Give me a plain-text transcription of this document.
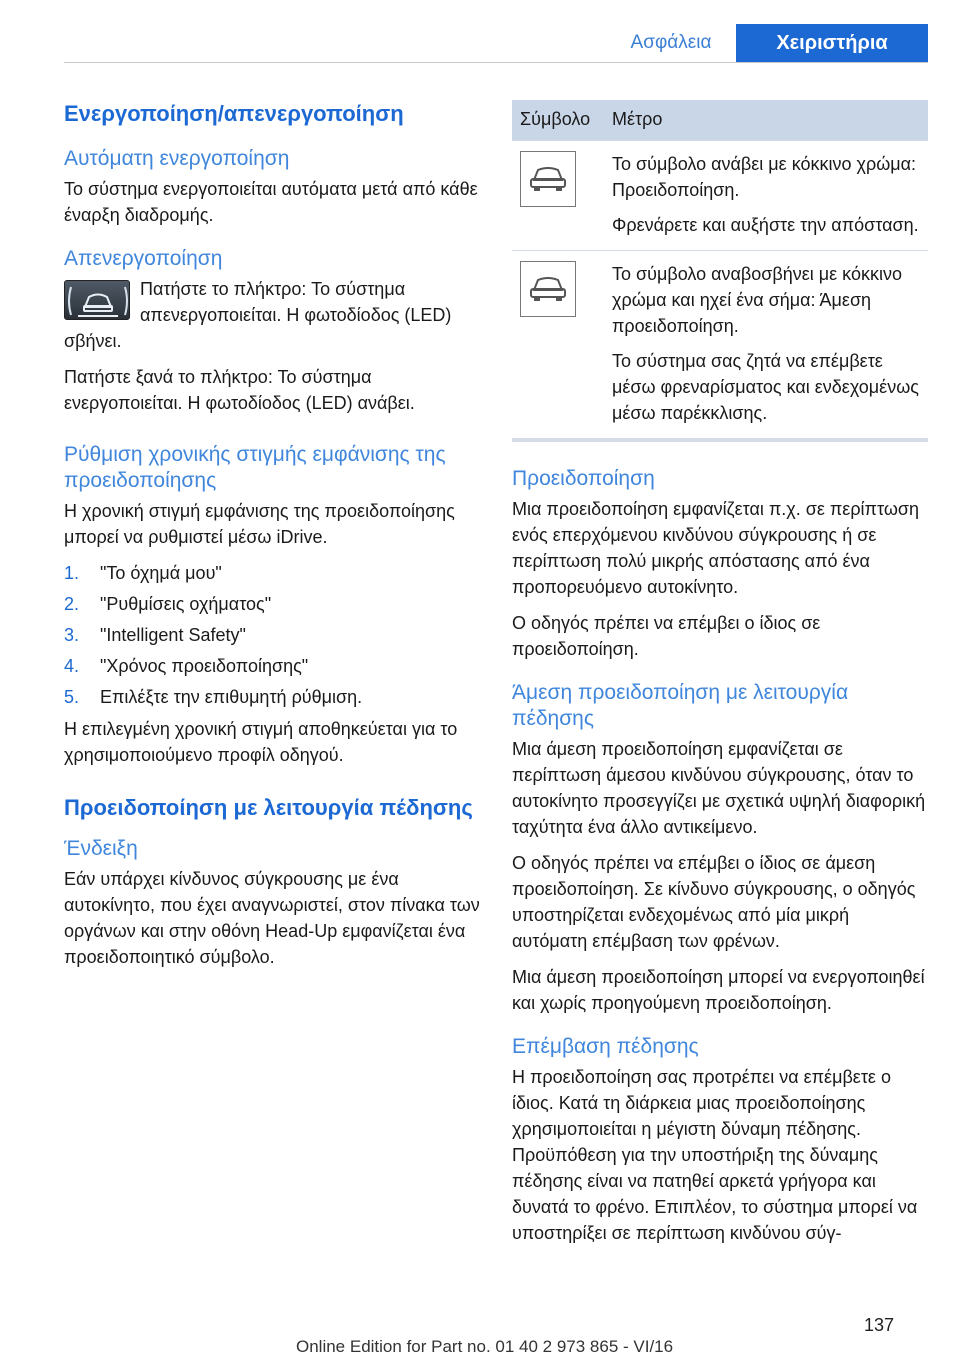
Ασφάλεια	Χειριστήρια
Ενεργοποίηση/απενεργοποίηση
Αυτόματη ενεργοποίηση
Το σύστημα ενεργοποιείται αυτόματα μετά από κάθε έναρξη διαδρομής.
Απενεργοποίηση
Πατήστε το πλήκτρο: Το σύστημα απενεργοποιείται. Η φωτοδίοδος (LED) σβήνει.
Πατήστε ξανά το πλήκτρο: Το σύστημα ενεργοποιείται. Η φωτοδίοδος (LED) ανάβει.
Ρύθμιση χρονικής στιγμής εμφάνισης της προειδοποίησης
Η χρονική στιγμή εμφάνισης της προειδοποίησης μπορεί να ρυθμιστεί μέσω iDrive.
1.	"Το όχημά μου"
2.	"Ρυθμίσεις οχήματος"
3.	"Intelligent Safety"
4.	"Χρόνος προειδοποίησης"
5.	Επιλέξτε την επιθυμητή ρύθμιση.
Η επιλεγμένη χρονική στιγμή αποθηκεύεται για το χρησιμοποιούμενο προφίλ οδηγού.
Προειδοποίηση με λειτουργία πέδησης
Ένδειξη
Εάν υπάρχει κίνδυνος σύγκρουσης με ένα αυτοκίνητο, που έχει αναγνωριστεί, στον πίνακα των οργάνων και στην οθόνη Head-Up εμφανίζεται ένα προειδοποιητικό σύμβολο.
Σύμβολο	Μέτρο

Το σύμβολο ανάβει με κόκκινο χρώμα: Προειδοποίηση.

Φρενάρετε και αυξήστε την απόσταση.

Το σύμβολο αναβοσβήνει με κόκκινο χρώμα και ηχεί ένα σήμα: Άμεση προειδοποίηση.

Το σύστημα σας ζητά να επέμβετε μέσω φρεναρίσματος και ενδεχομένως μέσω παρέκκλισης.

Προειδοποίηση
Μια προειδοποίηση εμφανίζεται π.χ. σε περίπτωση ενός επερχόμενου κινδύνου σύγκρουσης ή σε περίπτωση πολύ μικρής απόστασης από ένα προπορευόμενο αυτοκίνητο.
Ο οδηγός πρέπει να επέμβει ο ίδιος σε προειδοποίηση.
Άμεση προειδοποίηση με λειτουργία πέδησης
Μια άμεση προειδοποίηση εμφανίζεται σε περίπτωση άμεσου κινδύνου σύγκρουσης, όταν το αυτοκίνητο προσεγγίζει με σχετικά υψηλή διαφορική ταχύτητα ένα άλλο αντικείμενο.
Ο οδηγός πρέπει να επέμβει ο ίδιος σε άμεση προειδοποίηση. Σε κίνδυνο σύγκρουσης, ο οδηγός υποστηρίζεται ενδεχομένως από μία μικρή αυτόματη επέμβαση των φρένων.
Μια άμεση προειδοποίηση μπορεί να ενεργοποιηθεί και χωρίς προηγούμενη προειδοποίηση.
Επέμβαση πέδησης
Η προειδοποίηση σας προτρέπει να επέμβετε ο ίδιος. Κατά τη διάρκεια μιας προειδοποίησης χρησιμοποιείται η μέγιστη δύναμη πέδησης. Προϋπόθεση για την υποστήριξη της δύναμης πέδησης είναι να πατηθεί αρκετά γρήγορα και δυνατά το φρένο. Επιπλέον, το σύστημα μπορεί να υποστηρίξει σε περίπτωση κινδύνου σύγ-
137
Online Edition for Part no. 01 40 2 973 865 - VI/16
